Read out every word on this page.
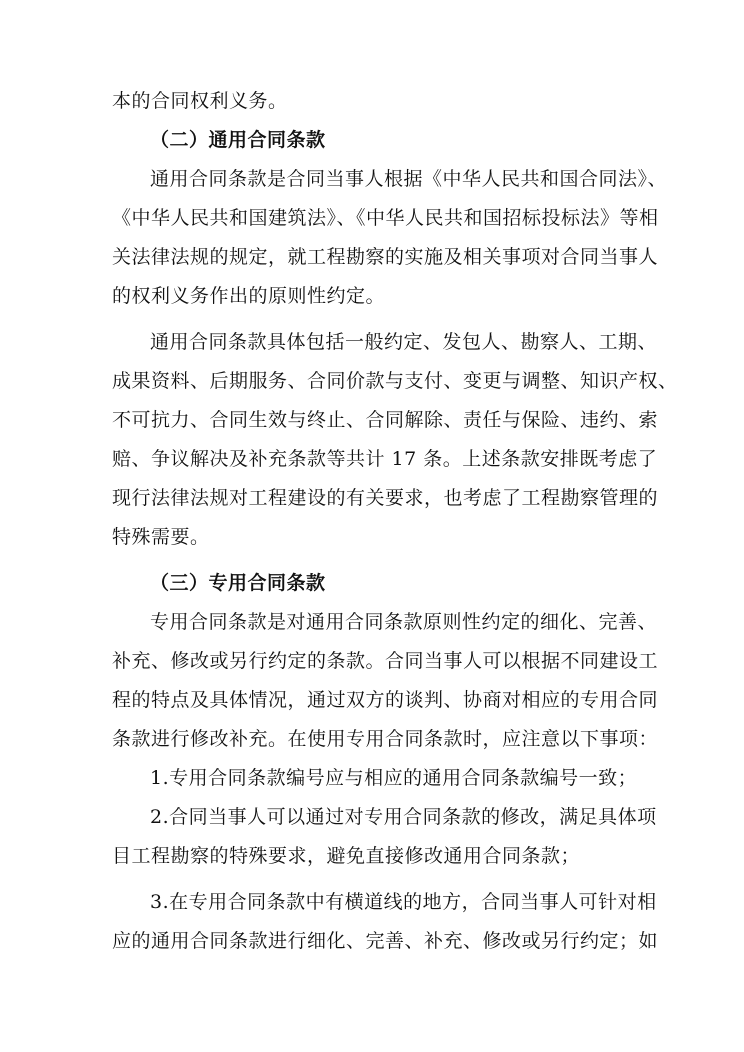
本的合同权利义务。
（二）通用合同条款
通用合同条款是合同当事人根据《中华人民共和国合同法》、
《中华人民共和国建筑法》、《中华人民共和国招标投标法》等相
关法律法规的规定，就工程勘察的实施及相关事项对合同当事人
的权利义务作出的原则性约定。
通用合同条款具体包括一般约定、发包人、勘察人、工期、
成果资料、后期服务、合同价款与支付、变更与调整、知识产权、
不可抗力、合同生效与终止、合同解除、责任与保险、违约、索
赔、争议解决及补充条款等共计 17 条。上述条款安排既考虑了
现行法律法规对工程建设的有关要求，也考虑了工程勘察管理的
特殊需要。
（三）专用合同条款
专用合同条款是对通用合同条款原则性约定的细化、完善、
补充、修改或另行约定的条款。合同当事人可以根据不同建设工
程的特点及具体情况，通过双方的谈判、协商对相应的专用合同
条款进行修改补充。在使用专用合同条款时，应注意以下事项：
1.专用合同条款编号应与相应的通用合同条款编号一致；
2.合同当事人可以通过对专用合同条款的修改，满足具体项
目工程勘察的特殊要求，避免直接修改通用合同条款；
3.在专用合同条款中有横道线的地方，合同当事人可针对相
应的通用合同条款进行细化、完善、补充、修改或另行约定；如
